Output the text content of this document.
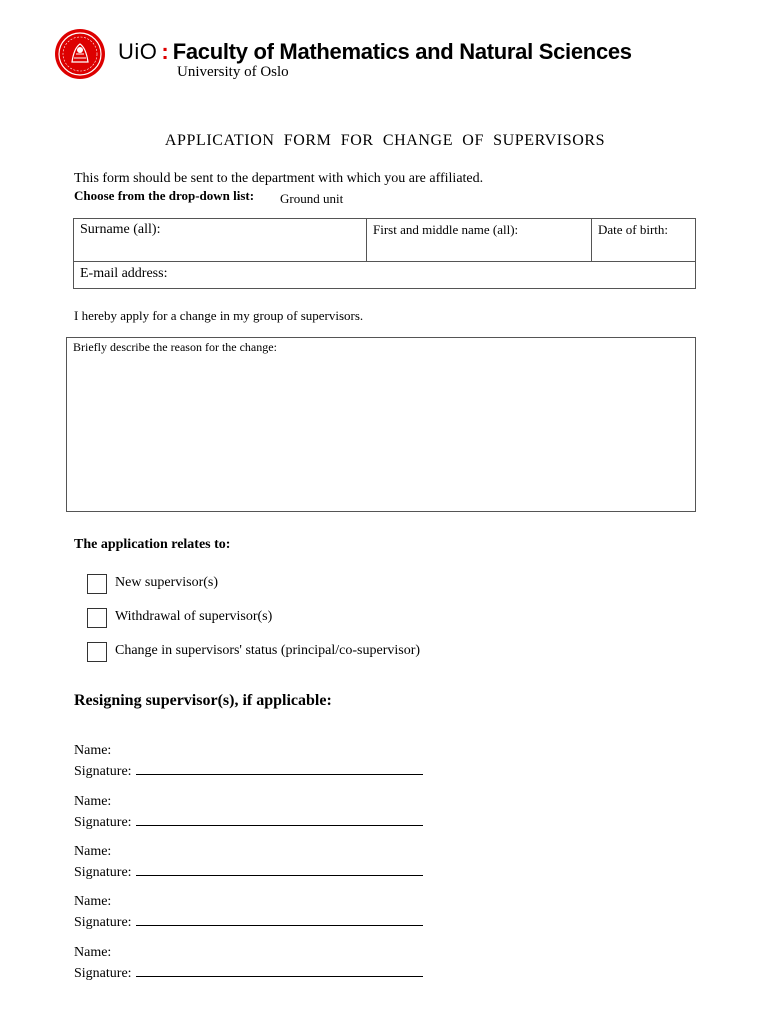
UiO : Faculty of Mathematics and Natural Sciences
University of Oslo
APPLICATION  FORM  FOR  CHANGE  OF  SUPERVISORS
This form should be sent to the department with which you are affiliated.
Choose from the drop-down list: Ground unit
Surname (all):	First and middle name (all):	Date of birth:
E-mail address:
I hereby apply for a change in my group of supervisors.
Briefly describe the reason for the change:
The application relates to:
New supervisor(s)
Withdrawal of supervisor(s)
Change in supervisors' status (principal/co-supervisor)
Resigning supervisor(s), if applicable:
Name:
Signature:
Name:
Signature:
Name:
Signature:
Name:
Signature:
Name:
Signature:
